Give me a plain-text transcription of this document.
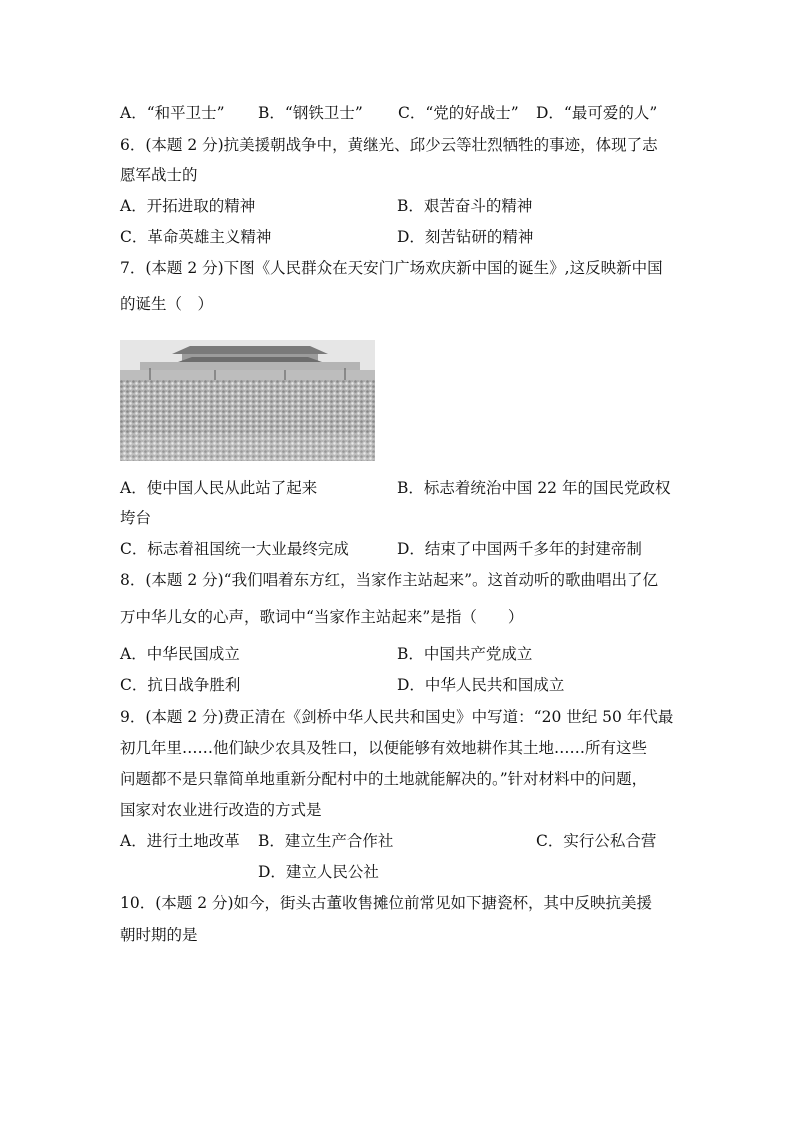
A．“和平卫士” B．“钢铁卫士” C．“党的好战士” D．“最可爱的人”
6．(本题 2 分)抗美援朝战争中，黄继光、邱少云等壮烈牺牲的事迹，体现了志
愿军战士的
A．开拓进取的精神	B．艰苦奋斗的精神
C．革命英雄主义精神	D．刻苦钻研的精神
7．(本题 2 分)下图《人民群众在天安门广场欢庆新中国的诞生》,这反映新中国
的诞生（　）
A．使中国人民从此站了起来	B．标志着统治中国 22 年的国民党政权
垮台
C．标志着祖国统一大业最终完成	D．结束了中国两千多年的封建帝制
8．(本题 2 分)“我们唱着东方红，当家作主站起来”。这首动听的歌曲唱出了亿
万中华儿女的心声，歌词中“当家作主站起来”是指（　　）
A．中华民国成立	B．中国共产党成立
C．抗日战争胜利	D．中华人民共和国成立
9．(本题 2 分)费正清在《剑桥中华人民共和国史》中写道：“20 世纪 50 年代最
初几年里……他们缺少农具及牲口，以便能够有效地耕作其土地……所有这些
问题都不是只靠简单地重新分配村中的土地就能解决的。”针对材料中的问题，
国家对农业进行改造的方式是
A．进行土地改革 B．建立生产合作社	C．实行公私合营
D．建立人民公社
10．(本题 2 分)如今，街头古董收售摊位前常见如下搪瓷杯，其中反映抗美援
朝时期的是
